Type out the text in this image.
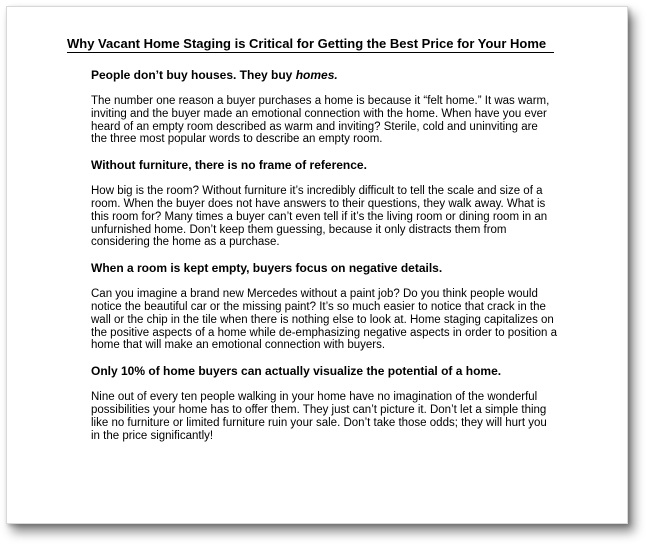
Why Vacant Home Staging is Critical for Getting the Best Price for Your Home

People don’t buy houses. They buy homes.

The number one reason a buyer purchases a home is because it “felt home.” It was warm,
inviting and the buyer made an emotional connection with the home. When have you ever
heard of an empty room described as warm and inviting? Sterile, cold and uninviting are
the three most popular words to describe an empty room.

Without furniture, there is no frame of reference.

How big is the room? Without furniture it’s incredibly difficult to tell the scale and size of a
room. When the buyer does not have answers to their questions, they walk away. What is
this room for? Many times a buyer can’t even tell if it’s the living room or dining room in an
unfurnished home. Don’t keep them guessing, because it only distracts them from
considering the home as a purchase.

When a room is kept empty, buyers focus on negative details.

Can you imagine a brand new Mercedes without a paint job? Do you think people would
notice the beautiful car or the missing paint? It’s so much easier to notice that crack in the
wall or the chip in the tile when there is nothing else to look at. Home staging capitalizes on
the positive aspects of a home while de-emphasizing negative aspects in order to position a
home that will make an emotional connection with buyers.

Only 10% of home buyers can actually visualize the potential of a home.

Nine out of every ten people walking in your home have no imagination of the wonderful
possibilities your home has to offer them. They just can’t picture it. Don’t let a simple thing
like no furniture or limited furniture ruin your sale. Don’t take those odds; they will hurt you
in the price significantly!
